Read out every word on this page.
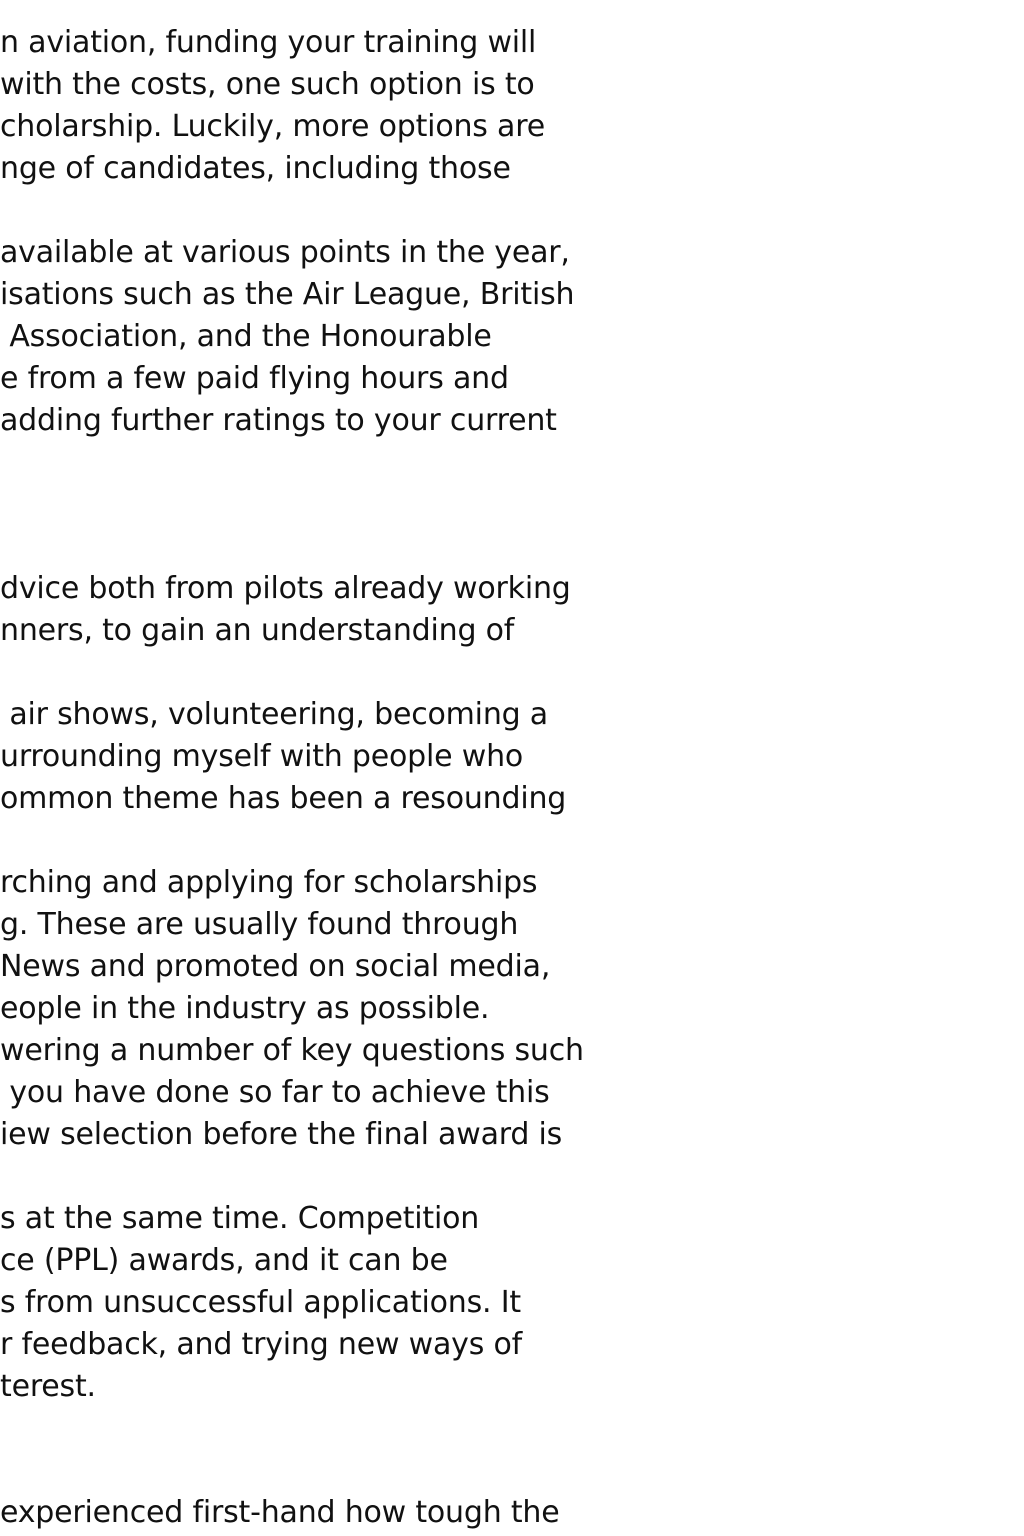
n aviation, funding your training will
with the costs, one such option is to
cholarship. Luckily, more options are
nge of candidates, including those
available at various points in the year,
isations such as the Air League, British
Association, and the Honourable
e from a few paid flying hours and
adding further ratings to your current
dvice both from pilots already working
nners, to gain an understanding of
air shows, volunteering, becoming a
urrounding myself with people who
ommon theme has been a resounding
rching and applying for scholarships
g. These are usually found through
News and promoted on social media,
eople in the industry as possible.
wering a number of key questions such
you have done so far to achieve this
iew selection before the final award is
s at the same time. Competition
ce (PPL) awards, and it can be
s from unsuccessful applications. It
r feedback, and trying new ways of
terest.
experienced first-hand how tough the
